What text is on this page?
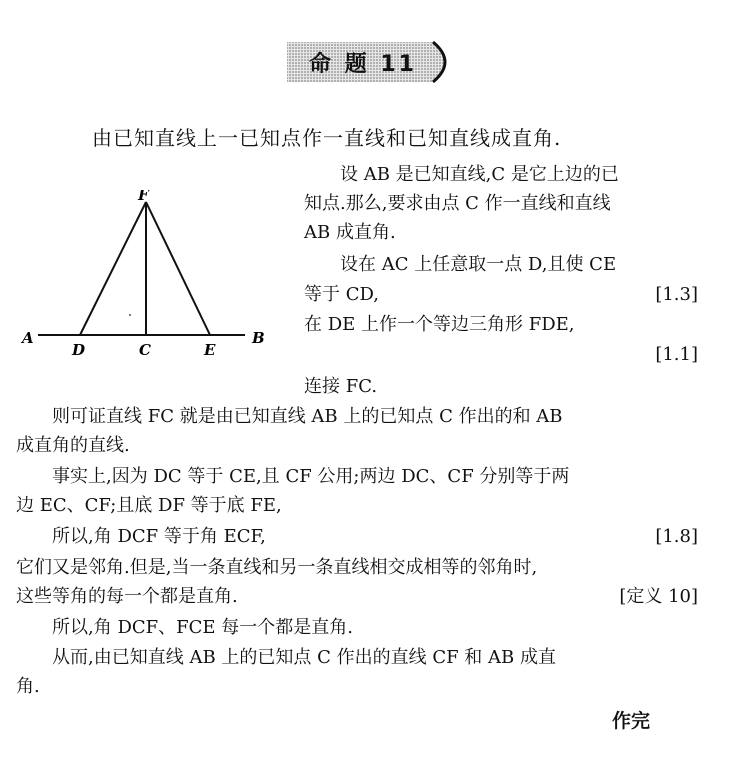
命 题 11
由已知直线上一已知点作一直线和已知直线成直角.
F
A
D	C	E
B
设 AB 是已知直线,C 是它上边的已
知点.那么,要求由点 C 作一直线和直线
AB 成直角.
设在 AC 上任意取一点 D,且使 CE
等于 CD,	[1.3]
在 DE 上作一个等边三角形 FDE,
[1.1]
连接 FC.
则可证直线 FC 就是由已知直线 AB 上的已知点 C 作出的和 AB
成直角的直线.
事实上,因为 DC 等于 CE,且 CF 公用;两边 DC、CF 分别等于两
边 EC、CF;且底 DF 等于底 FE,
所以,角 DCF 等于角 ECF,	[1.8]
它们又是邻角.但是,当一条直线和另一条直线相交成相等的邻角时,
这些等角的每一个都是直角.	[定义 10]
所以,角 DCF、FCE 每一个都是直角.
从而,由已知直线 AB 上的已知点 C 作出的直线 CF 和 AB 成直
角.
作完
